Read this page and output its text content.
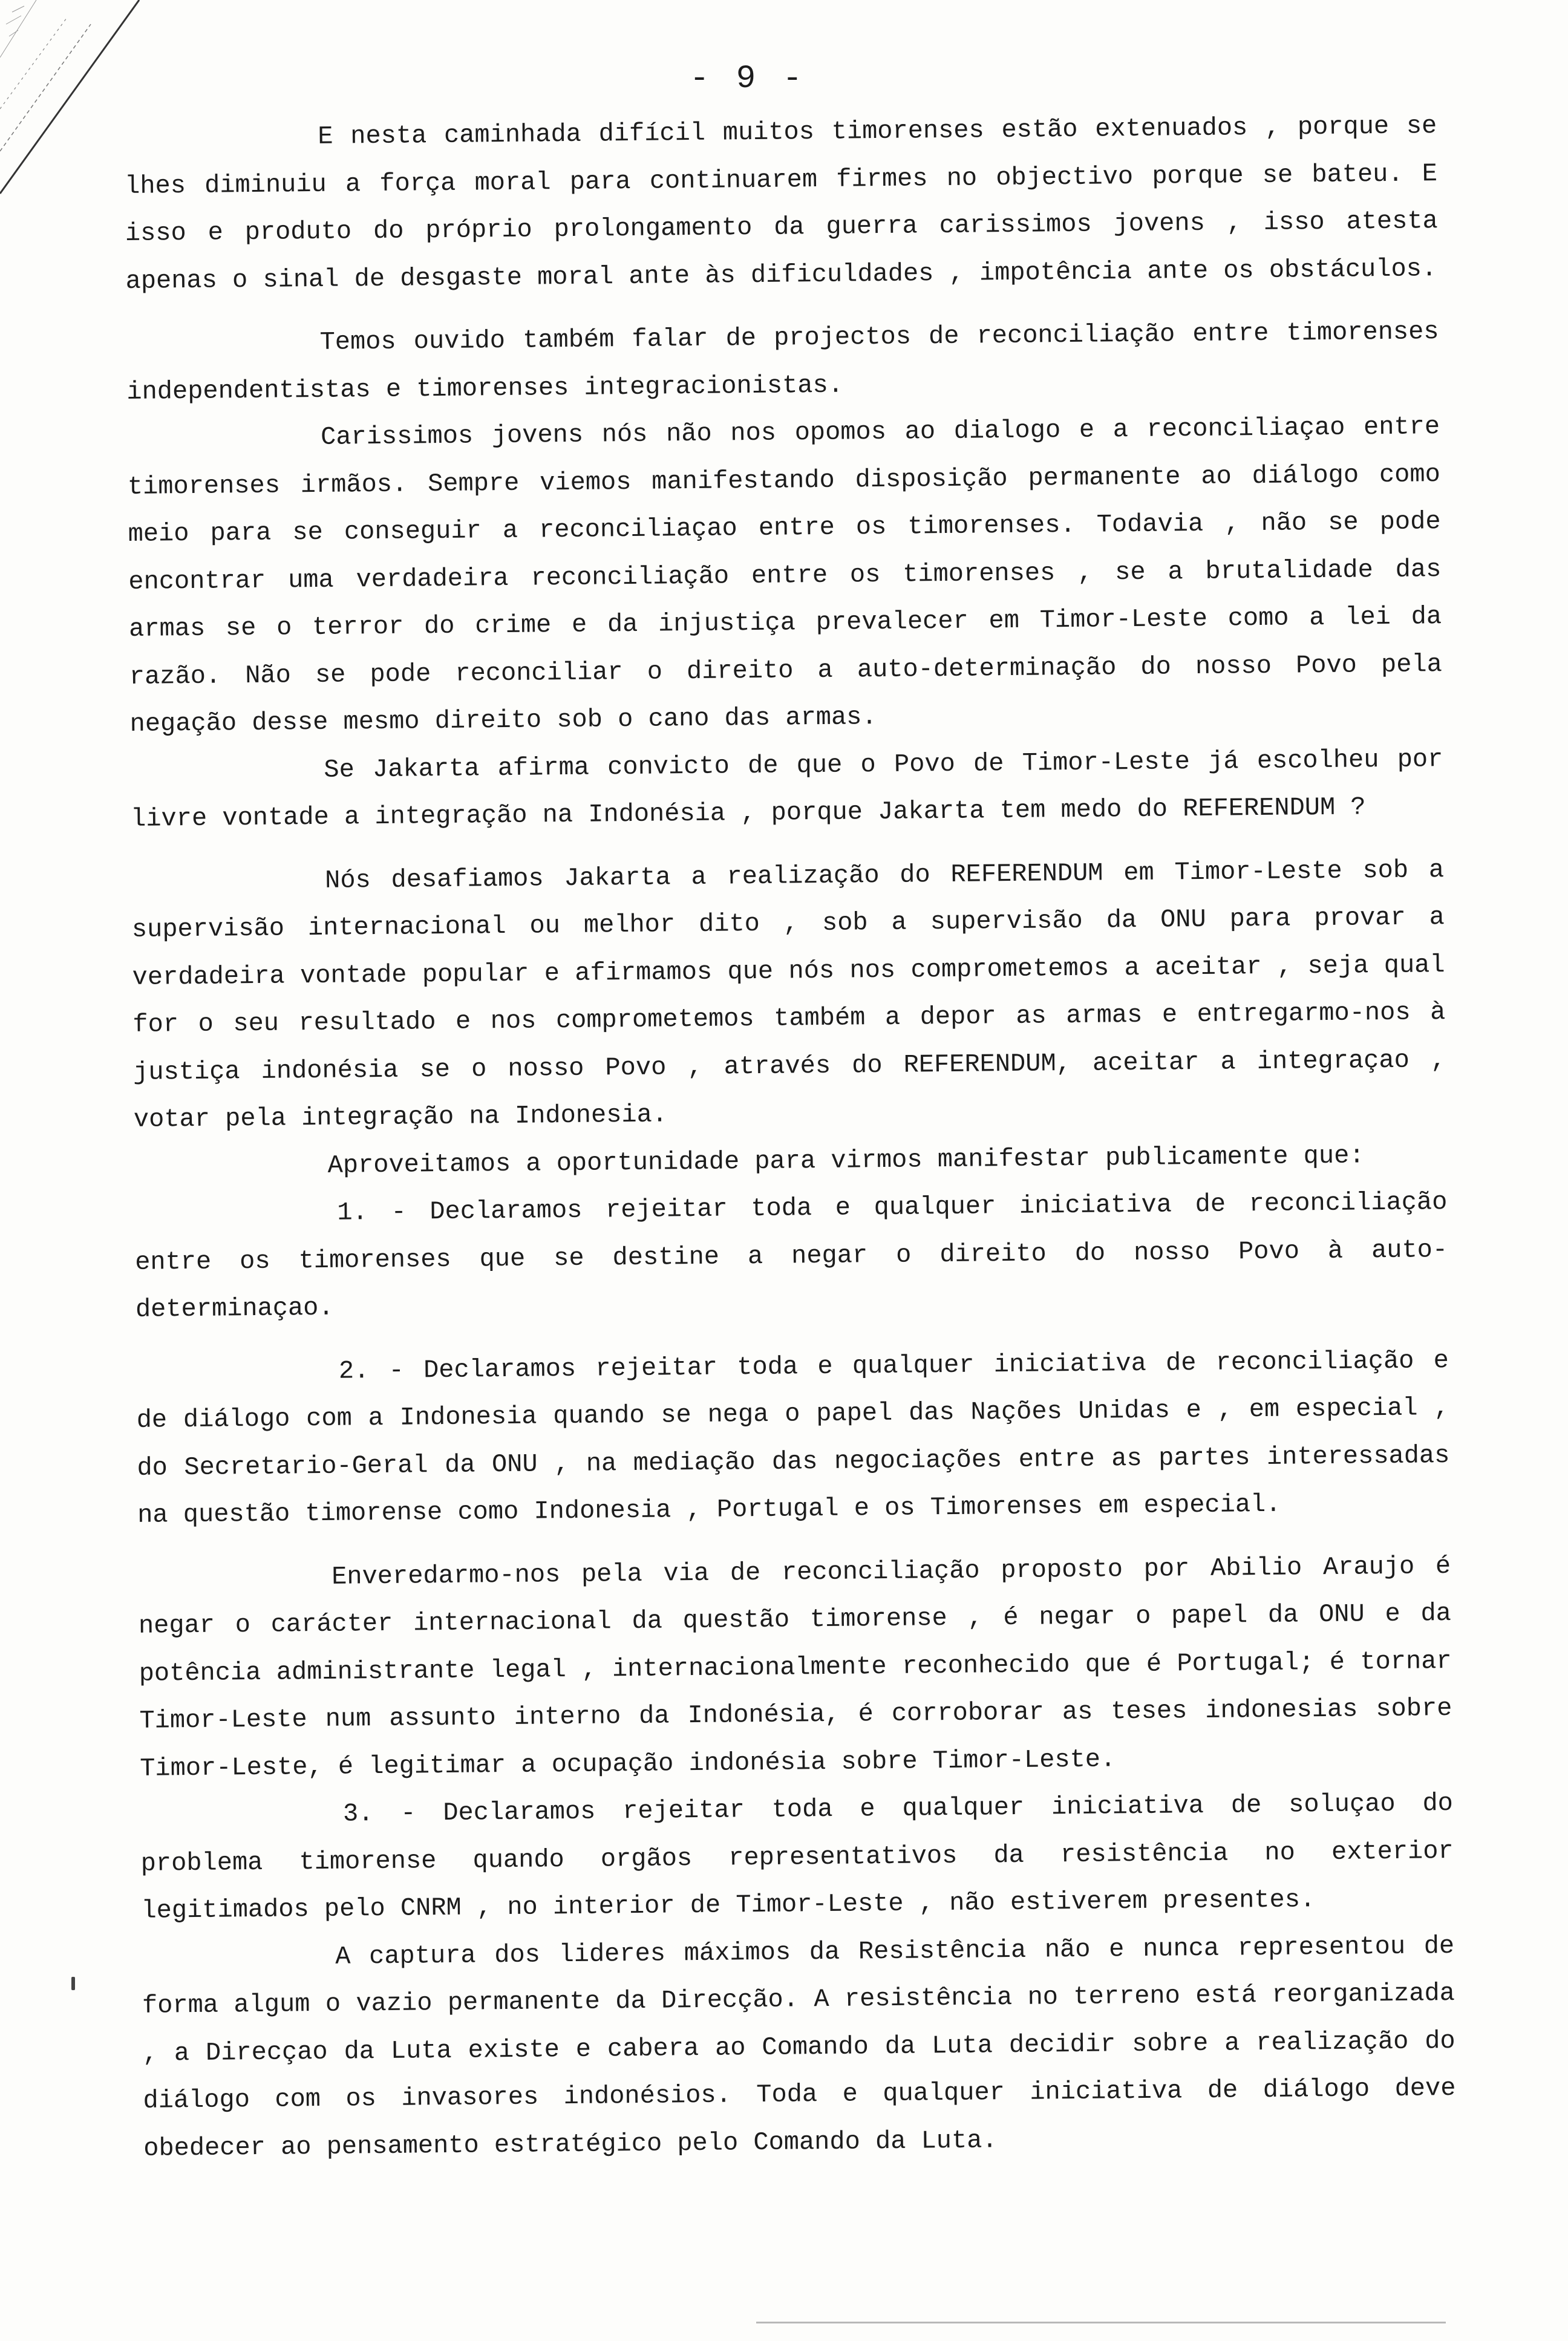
- 9 -

E nesta caminhada difícil muitos timorenses estão extenuados , porque se lhes diminuiu a força moral para continuarem firmes no objectivo porque se bateu. E isso e produto do próprio prolongamento da guerra carissimos jovens , isso atesta apenas o sinal de desgaste moral ante às dificuldades , impotência ante os obstáculos.

Temos ouvido também falar de projectos de reconciliação entre timorenses independentistas e timorenses integracionistas.

Carissimos jovens nós não nos opomos ao dialogo e a reconciliaçao entre timorenses irmãos. Sempre viemos manifestando disposição permanente ao diálogo como meio para se conseguir a reconciliaçao entre os timorenses. Todavia , não se pode encontrar uma verdadeira reconciliação entre os timorenses , se a brutalidade das armas se o terror do crime e da injustiça prevalecer em Timor-Leste como a lei da razão. Não se pode reconciliar o direito a auto-determinação do nosso Povo pela negação desse mesmo direito sob o cano das armas.

Se Jakarta afirma convicto de que o Povo de Timor-Leste já escolheu por livre vontade a integração na Indonésia , porque Jakarta tem medo do REFERENDUM ?

Nós desafiamos Jakarta a realização do REFERENDUM em Timor-Leste sob a supervisão internacional ou melhor dito , sob a supervisão da ONU para provar a verdadeira vontade popular e afirmamos que nós nos comprometemos a aceitar , seja qual for o seu resultado e nos comprometemos também a depor as armas e entregarmo-nos à justiça indonésia se o nosso Povo , através do REFERENDUM, aceitar a integraçao , votar pela integração na Indonesia.

Aproveitamos a oportunidade para virmos manifestar publicamente que:

1. - Declaramos rejeitar toda e qualquer iniciativa de reconciliação entre os timorenses que se destine a negar o direito do nosso Povo à auto-determinaçao.

2. - Declaramos rejeitar toda e qualquer iniciativa de reconciliação e de diálogo com a Indonesia quando se nega o papel das Nações Unidas e , em especial , do Secretario-Geral da ONU , na mediação das negociações entre as partes interessadas na questão timorense como Indonesia , Portugal e os Timorenses em especial.

Enveredarmo-nos pela via de reconciliação proposto por Abilio Araujo é negar o carácter internacional da questão timorense , é negar o papel da ONU e da potência administrante legal , internacionalmente reconhecido que é Portugal; é tornar Timor-Leste num assunto interno da Indonésia, é corroborar as teses indonesias sobre Timor-Leste, é legitimar a ocupação indonésia sobre Timor-Leste.

3. - Declaramos rejeitar toda e qualquer iniciativa de soluçao do problema timorense quando orgãos representativos da resistência no exterior legitimados pelo CNRM , no interior de Timor-Leste , não estiverem presentes.

A captura dos lideres máximos da Resistência não e nunca representou de forma algum o vazio permanente da Direcção. A resistência no terreno está reorganizada , a Direcçao da Luta existe e cabera ao Comando da Luta decidir sobre a realização do diálogo com os invasores indonésios. Toda e qualquer iniciativa de diálogo deve obedecer ao pensamento estratégico pelo Comando da Luta.
